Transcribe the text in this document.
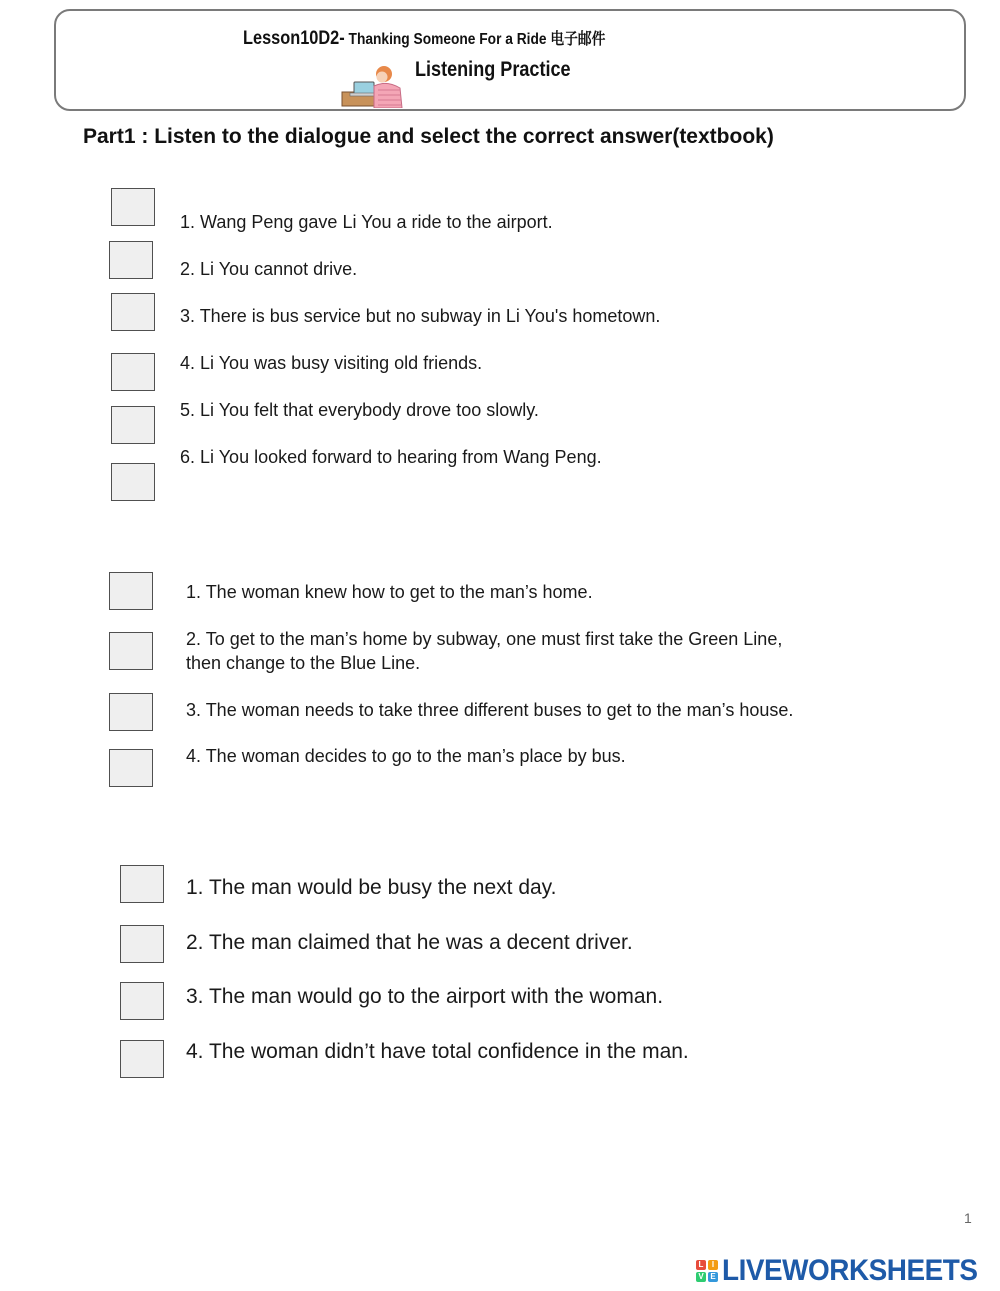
Lesson10D2- Thanking Someone For a Ride 电子邮件
Listening Practice
Part1 : Listen to the dialogue and select the correct answer(textbook)
1. Wang Peng gave Li You a ride to the airport.
2. Li You cannot drive.
3. There is bus service but no subway in Li You's hometown.
4. Li You was busy visiting old friends.
5. Li You felt that everybody drove too slowly.
6. Li You looked forward to hearing from Wang Peng.
1. The woman knew how to get to the man’s home.
2. To get to the man’s home by subway, one must first take the Green Line,
then change to the Blue Line.
3. The woman needs to take three different buses to get to the man’s house.
4. The woman decides to go to the man’s place by bus.
1. The man would be busy the next day.
2. The man claimed that he was a decent driver.
3. The man would go to the airport with the woman.
4. The woman didn’t have total confidence in the man.
1
L	I
V E LIVEWORKSHEETS
